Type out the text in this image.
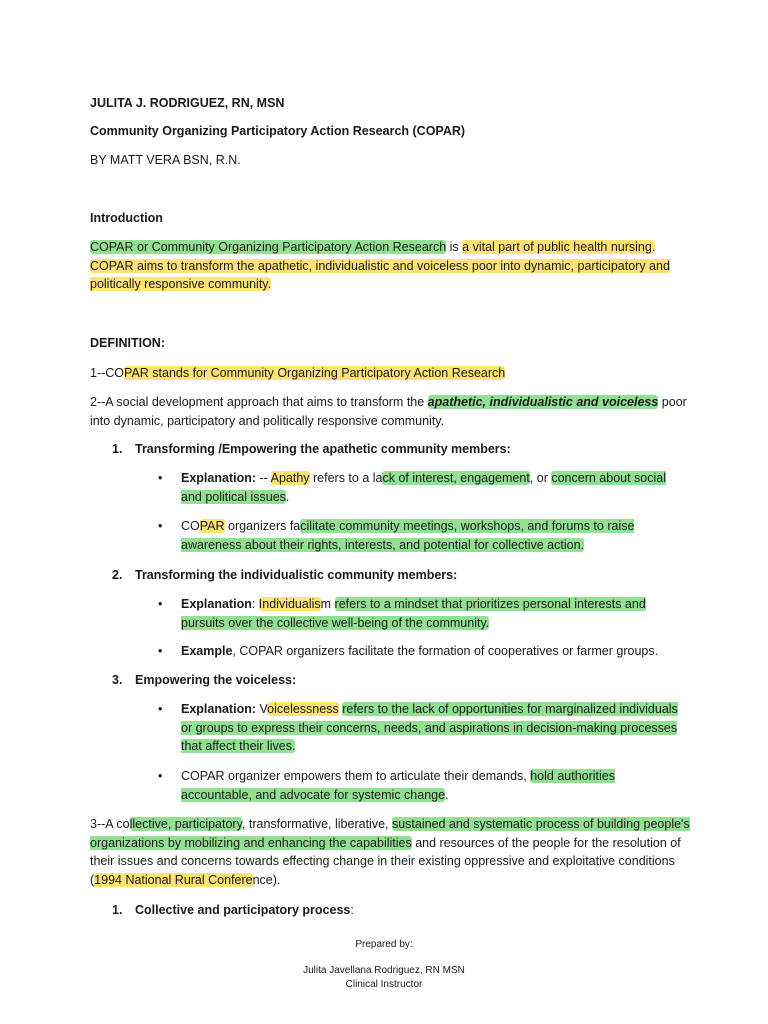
JULITA J. RODRIGUEZ, RN, MSN

Community Organizing Participatory Action Research (COPAR)

BY MATT VERA BSN, R.N.

Introduction

COPAR or Community Organizing Participatory Action Research is a vital part of public health nursing. COPAR aims to transform the apathetic, individualistic and voiceless poor into dynamic, participatory and politically responsive community.

DEFINITION:

1--COPAR stands for Community Organizing Participatory Action Research

2--A social development approach that aims to transform the apathetic, individualistic and voiceless poor into dynamic, participatory and politically responsive community.

1. Transforming /Empowering the apathetic community members:

•	Explanation: -- Apathy refers to a lack of interest, engagement, or concern about social and political issues.
•	COPAR organizers facilitate community meetings, workshops, and forums to raise awareness about their rights, interests, and potential for collective action.

2. Transforming the individualistic community members:

•	Explanation: Individualism refers to a mindset that prioritizes personal interests and pursuits over the collective well-being of the community.
•	Example, COPAR organizers facilitate the formation of cooperatives or farmer groups.

3. Empowering the voiceless:

•	Explanation: Voicelessness refers to the lack of opportunities for marginalized individuals or groups to express their concerns, needs, and aspirations in decision-making processes that affect their lives.
•	COPAR organizer empowers them to articulate their demands, hold authorities accountable, and advocate for systemic change.

3--A collective, participatory, transformative, liberative, sustained and systematic process of building people's organizations by mobilizing and enhancing the capabilities and resources of the people for the resolution of their issues and concerns towards effecting change in their existing oppressive and exploitative conditions (1994 National Rural Conference).

1. Collective and participatory process:

Prepared by:

Julita Javellana Rodriguez, RN MSN

Clinical Instructor
